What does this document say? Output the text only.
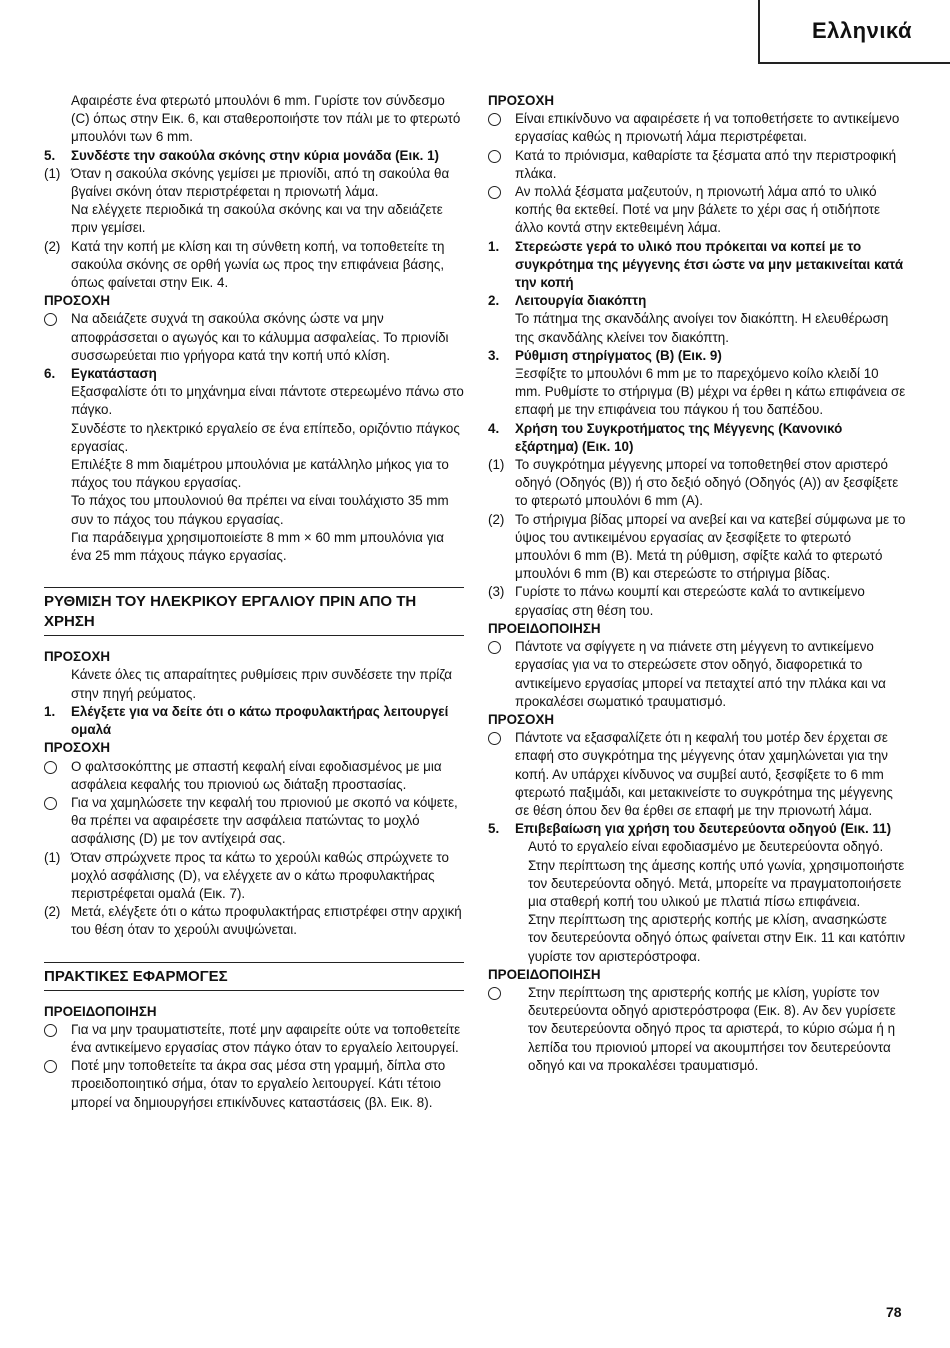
Ελληνικά

Αφαιρέστε ένα φτερωτό μπουλόνι 6 mm. Γυρίστε τον σύνδεσμο (C) όπως στην Εικ. 6, και σταθεροποιήστε τον πάλι με το φτερωτό μπουλόνι των 6 mm.

5.	Συνδέστε την σακούλα σκόνης στην κύρια μονάδα (Εικ. 1)
(1) Όταν η σακούλα σκόνης γεμίσει με πριονίδι, από τη σακούλα θα βγαίνει σκόνη όταν περιστρέφεται η πριονωτή λάμα.

Να ελέγχετε περιοδικά τη σακούλα σκόνης και να την αδειάζετε πριν γεμίσει.

(2) Κατά την κοπή με κλίση και τη σύνθετη κοπή, να τοποθετείτε τη σακούλα σκόνης σε ορθή γωνία ως προς την επιφάνεια βάσης, όπως φαίνεται στην Εικ. 4.

ΠΡΟΣΟΧΗ

Να αδειάζετε συχνά τη σακούλα σκόνης ώστε να μην αποφράσσεται ο αγωγός και το κάλυμμα ασφαλείας. Το πριονίδι συσσωρεύεται πιο γρήγορα κατά την κοπή υπό κλίση.
6.	Εγκατάσταση

Εξασφαλίστε ότι το μηχάνημα είναι πάντοτε στερεωμένο πάνω στο πάγκο.

Συνδέστε το ηλεκτρικό εργαλείο σε ένα επίπεδο, οριζόντιο πάγκος εργασίας.

Επιλέξτε 8 mm διαμέτρου μπουλόνια με κατάλληλο μήκος για το πάχος του πάγκου εργασίας.

Το πάχος του μπουλονιού θα πρέπει να είναι τουλάχιστο 35 mm συν το πάχος του πάγκου εργασίας.

Για παράδειγμα χρησιμοποιείστε 8 mm × 60 mm μπουλόνια για ένα 25 mm πάχους πάγκο εργασίας.

ΡΥΘΜΙΣΗ ΤΟΥ ΗΛΕΚΡΙΚΟΥ ΕΡΓΑΛΙΟΥ ΠΡΙΝ ΑΠΟ ΤΗ ΧΡΗΣΗ

ΠΡΟΣΟΧΗ

Κάνετε όλες τις απαραίτητες ρυθμίσεις πριν συνδέσετε την πρίζα στην πηγή ρεύματος.

1.	Ελέγξετε για να δείτε ότι ο κάτω προφυλακτήρας λειτουργεί ομαλά

ΠΡΟΣΟΧΗ

Ο φαλτσοκόπτης με σπαστή κεφαλή είναι εφοδιασμένος με μια ασφάλεια κεφαλής του πριονιού ως διάταξη προστασίας.
Για να χαμηλώσετε την κεφαλή του πριονιού με σκοπό να κόψετε, θα πρέπει να αφαιρέσετε την ασφάλεια πατώντας το μοχλό ασφάλισης (D) με τον αντίχειρά σας.
(1) Όταν σπρώχνετε προς τα κάτω το χερούλι καθώς σπρώχνετε το μοχλό ασφάλισης (D), να ελέγχετε αν ο κάτω προφυλακτήρας περιστρέφεται ομαλά (Εικ. 7).
(2) Μετά, ελέγξετε ότι ο κάτω προφυλακτήρας επιστρέφει στην αρχική του θέση όταν το χερούλι ανυψώνεται.
ΠΡΑΚΤΙΚΕΣ ΕΦΑΡΜΟΓΕΣ

ΠΡΟΕΙΔΟΠΟΙΗΣΗ

Για να μην τραυματιστείτε, ποτέ μην αφαιρείτε ούτε να τοποθετείτε ένα αντικείμενο εργασίας στον πάγκο όταν το εργαλείο λειτουργεί.
Ποτέ μην τοποθετείτε τα άκρα σας μέσα στη γραμμή, δίπλα στο προειδοποιητικό σήμα, όταν το εργαλείο λειτουργεί. Κάτι τέτοιο μπορεί να δημιουργήσει επικίνδυνες καταστάσεις (βλ. Εικ. 8).

ΠΡΟΣΟΧΗ

Είναι επικίνδυνο να αφαιρέσετε ή να τοποθετήσετε το αντικείμενο εργασίας καθώς η πριονωτή λάμα περιστρέφεται.
Κατά το πριόνισμα, καθαρίστε τα ξέσματα από την περιστροφική πλάκα.
Αν πολλά ξέσματα μαζευτούν, η πριονωτή λάμα από το υλικό κοπής θα εκτεθεί. Ποτέ να μην βάλετε το χέρι σας ή οτιδήποτε άλλο κοντά στην εκτεθειμένη λάμα.
1.	Στερεώστε γερά το υλικό που πρόκειται να κοπεί με το συγκρότημα της μέγγενης έτσι ώστε να μην μετακινείται κατά την κοπή
2.	Λειτουργία διακόπτη

Το πάτημα της σκανδάλης ανοίγει τον διακόπτη. Η ελευθέρωση της σκανδάλης κλείνει τον διακόπτη.

3.	Ρύθμιση στηρίγματος (B) (Εικ. 9)

Ξεσφίξτε το μπουλόνι 6 mm με το παρεχόμενο κοίλο κλειδί 10 mm. Ρυθμίστε το στήριγμα (B) μέχρι να έρθει η κάτω επιφάνεια σε επαφή με την επιφάνεια του πάγκου ή του δαπέδου.

4.	Χρήση του Συγκροτήματος της Μέγγενης (Κανονικό εξάρτημα) (Εικ. 10)
(1) Το συγκρότημα μέγγενης μπορεί να τοποθετηθεί στον αριστερό οδηγό (Οδηγός (B)) ή στο δεξιό οδηγό (Οδηγός (A)) αν ξεσφίξετε το φτερωτό μπουλόνι 6 mm (A).
(2) Το στήριγμα βίδας μπορεί να ανεβεί και να κατεβεί σύμφωνα με το ύψος του αντικειμένου εργασίας αν ξεσφίξετε το φτερωτό μπουλόνι 6 mm (B). Μετά τη ρύθμιση, σφίξτε καλά το φτερωτό μπουλόνι 6 mm (B) και στερεώστε το στήριγμα βίδας.
(3) Γυρίστε το πάνω κουμπί και στερεώστε καλά το αντικείμενο εργασίας στη θέση του.

ΠΡΟΕΙΔΟΠΟΙΗΣΗ

Πάντοτε να σφίγγετε η να πιάνετε στη μέγγενη το αντικείμενο εργασίας για να το στερεώσετε στον οδηγό, διαφορετικά το αντικείμενο εργασίας μπορεί να πεταχτεί από την πλάκα και να προκαλέσει σωματικό τραυματισμό.

ΠΡΟΣΟΧΗ

Πάντοτε να εξασφαλίζετε ότι η κεφαλή του μοτέρ δεν έρχεται σε επαφή στο συγκρότημα της μέγγενης όταν χαμηλώνεται για την κοπή. Αν υπάρχει κίνδυνος να συμβεί αυτό, ξεσφίξετε το 6 mm φτερωτό παξιμάδι, και μετακινείστε το συγκρότημα της μέγγενης σε θέση όπου δεν θα έρθει σε επαφή με την πριονωτή λάμα.
5.	Επιβεβαίωση για χρήση του δευτερεύοντα οδηγού (Εικ. 11)

Αυτό το εργαλείο είναι εφοδιασμένο με δευτερεύοντα οδηγό. Στην περίπτωση της άμεσης κοπής υπό γωνία, χρησιμοποιήστε τον δευτερεύοντα οδηγό. Μετά, μπορείτε να πραγματοποιήσετε μια σταθερή κοπή του υλικού με πλατιά πίσω επιφάνεια.

Στην περίπτωση της αριστερής κοπής με κλίση, ανασηκώστε τον δευτερεύοντα οδηγό όπως φαίνεται στην Εικ. 11 και κατόπιν γυρίστε τον αριστερόστροφα.

ΠΡΟΕΙΔΟΠΟΙΗΣΗ

Στην περίπτωση της αριστερής κοπής με κλίση, γυρίστε τον δευτερεύοντα οδηγό αριστερόστροφα (Εικ. 8). Αν δεν γυρίσετε τον δευτερεύοντα οδηγό προς τα αριστερά, το κύριο σώμα ή η λεπίδα του πριονιού μπορεί να ακουμπήσει τον δευτερεύοντα οδηγό και να προκαλέσει τραυματισμό.
78
